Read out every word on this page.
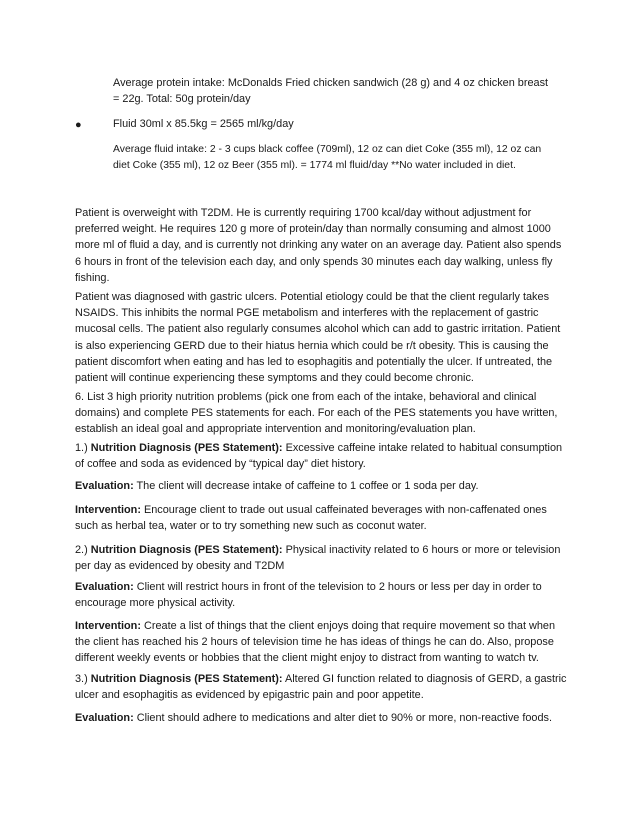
Average protein intake: McDonalds Fried chicken sandwich (28 g) and 4 oz chicken breast = 22g. Total: 50g protein/day

●	Fluid 30ml x 85.5kg = 2565 ml/kg/day

Average fluid intake: 2 - 3 cups black coffee (709ml), 12 oz can diet Coke (355 ml), 12 oz can diet Coke (355 ml), 12 oz Beer (355 ml). = 1774 ml fluid/day **No water included in diet.

Patient is overweight with T2DM. He is currently requiring 1700 kcal/day without adjustment for preferred weight. He requires 120 g more of protein/day than normally consuming and almost 1000 more ml of fluid a day, and is currently not drinking any water on an average day. Patient also spends 6 hours in front of the television each day, and only spends 30 minutes each day walking, unless fly fishing.

Patient was diagnosed with gastric ulcers. Potential etiology could be that the client regularly takes NSAIDS. This inhibits the normal PGE metabolism and interferes with the replacement of gastric mucosal cells. The patient also regularly consumes alcohol which can add to gastric irritation. Patient is also experiencing GERD due to their hiatus hernia which could be r/t obesity. This is causing the patient discomfort when eating and has led to esophagitis and potentially the ulcer. If untreated, the patient will continue experiencing these symptoms and they could become chronic.

6. List 3 high priority nutrition problems (pick one from each of the intake, behavioral and clinical domains) and complete PES statements for each. For each of the PES statements you have written, establish an ideal goal and appropriate intervention and monitoring/evaluation plan.

1.) Nutrition Diagnosis (PES Statement): Excessive caffeine intake related to habitual consumption of coffee and soda as evidenced by “typical day” diet history.

Evaluation: The client will decrease intake of caffeine to 1 coffee or 1 soda per day.

Intervention: Encourage client to trade out usual caffeinated beverages with non-caffenated ones such as herbal tea, water or to try something new such as coconut water.

2.) Nutrition Diagnosis (PES Statement): Physical inactivity related to 6 hours or more or television per day as evidenced by obesity and T2DM

Evaluation: Client will restrict hours in front of the television to 2 hours or less per day in order to encourage more physical activity.

Intervention: Create a list of things that the client enjoys doing that require movement so that when the client has reached his 2 hours of television time he has ideas of things he can do. Also, propose different weekly events or hobbies that the client might enjoy to distract from wanting to watch tv.

3.) Nutrition Diagnosis (PES Statement): Altered GI function related to diagnosis of GERD, a gastric ulcer and esophagitis as evidenced by epigastric pain and poor appetite.

Evaluation: Client should adhere to medications and alter diet to 90% or more, non-reactive foods.
